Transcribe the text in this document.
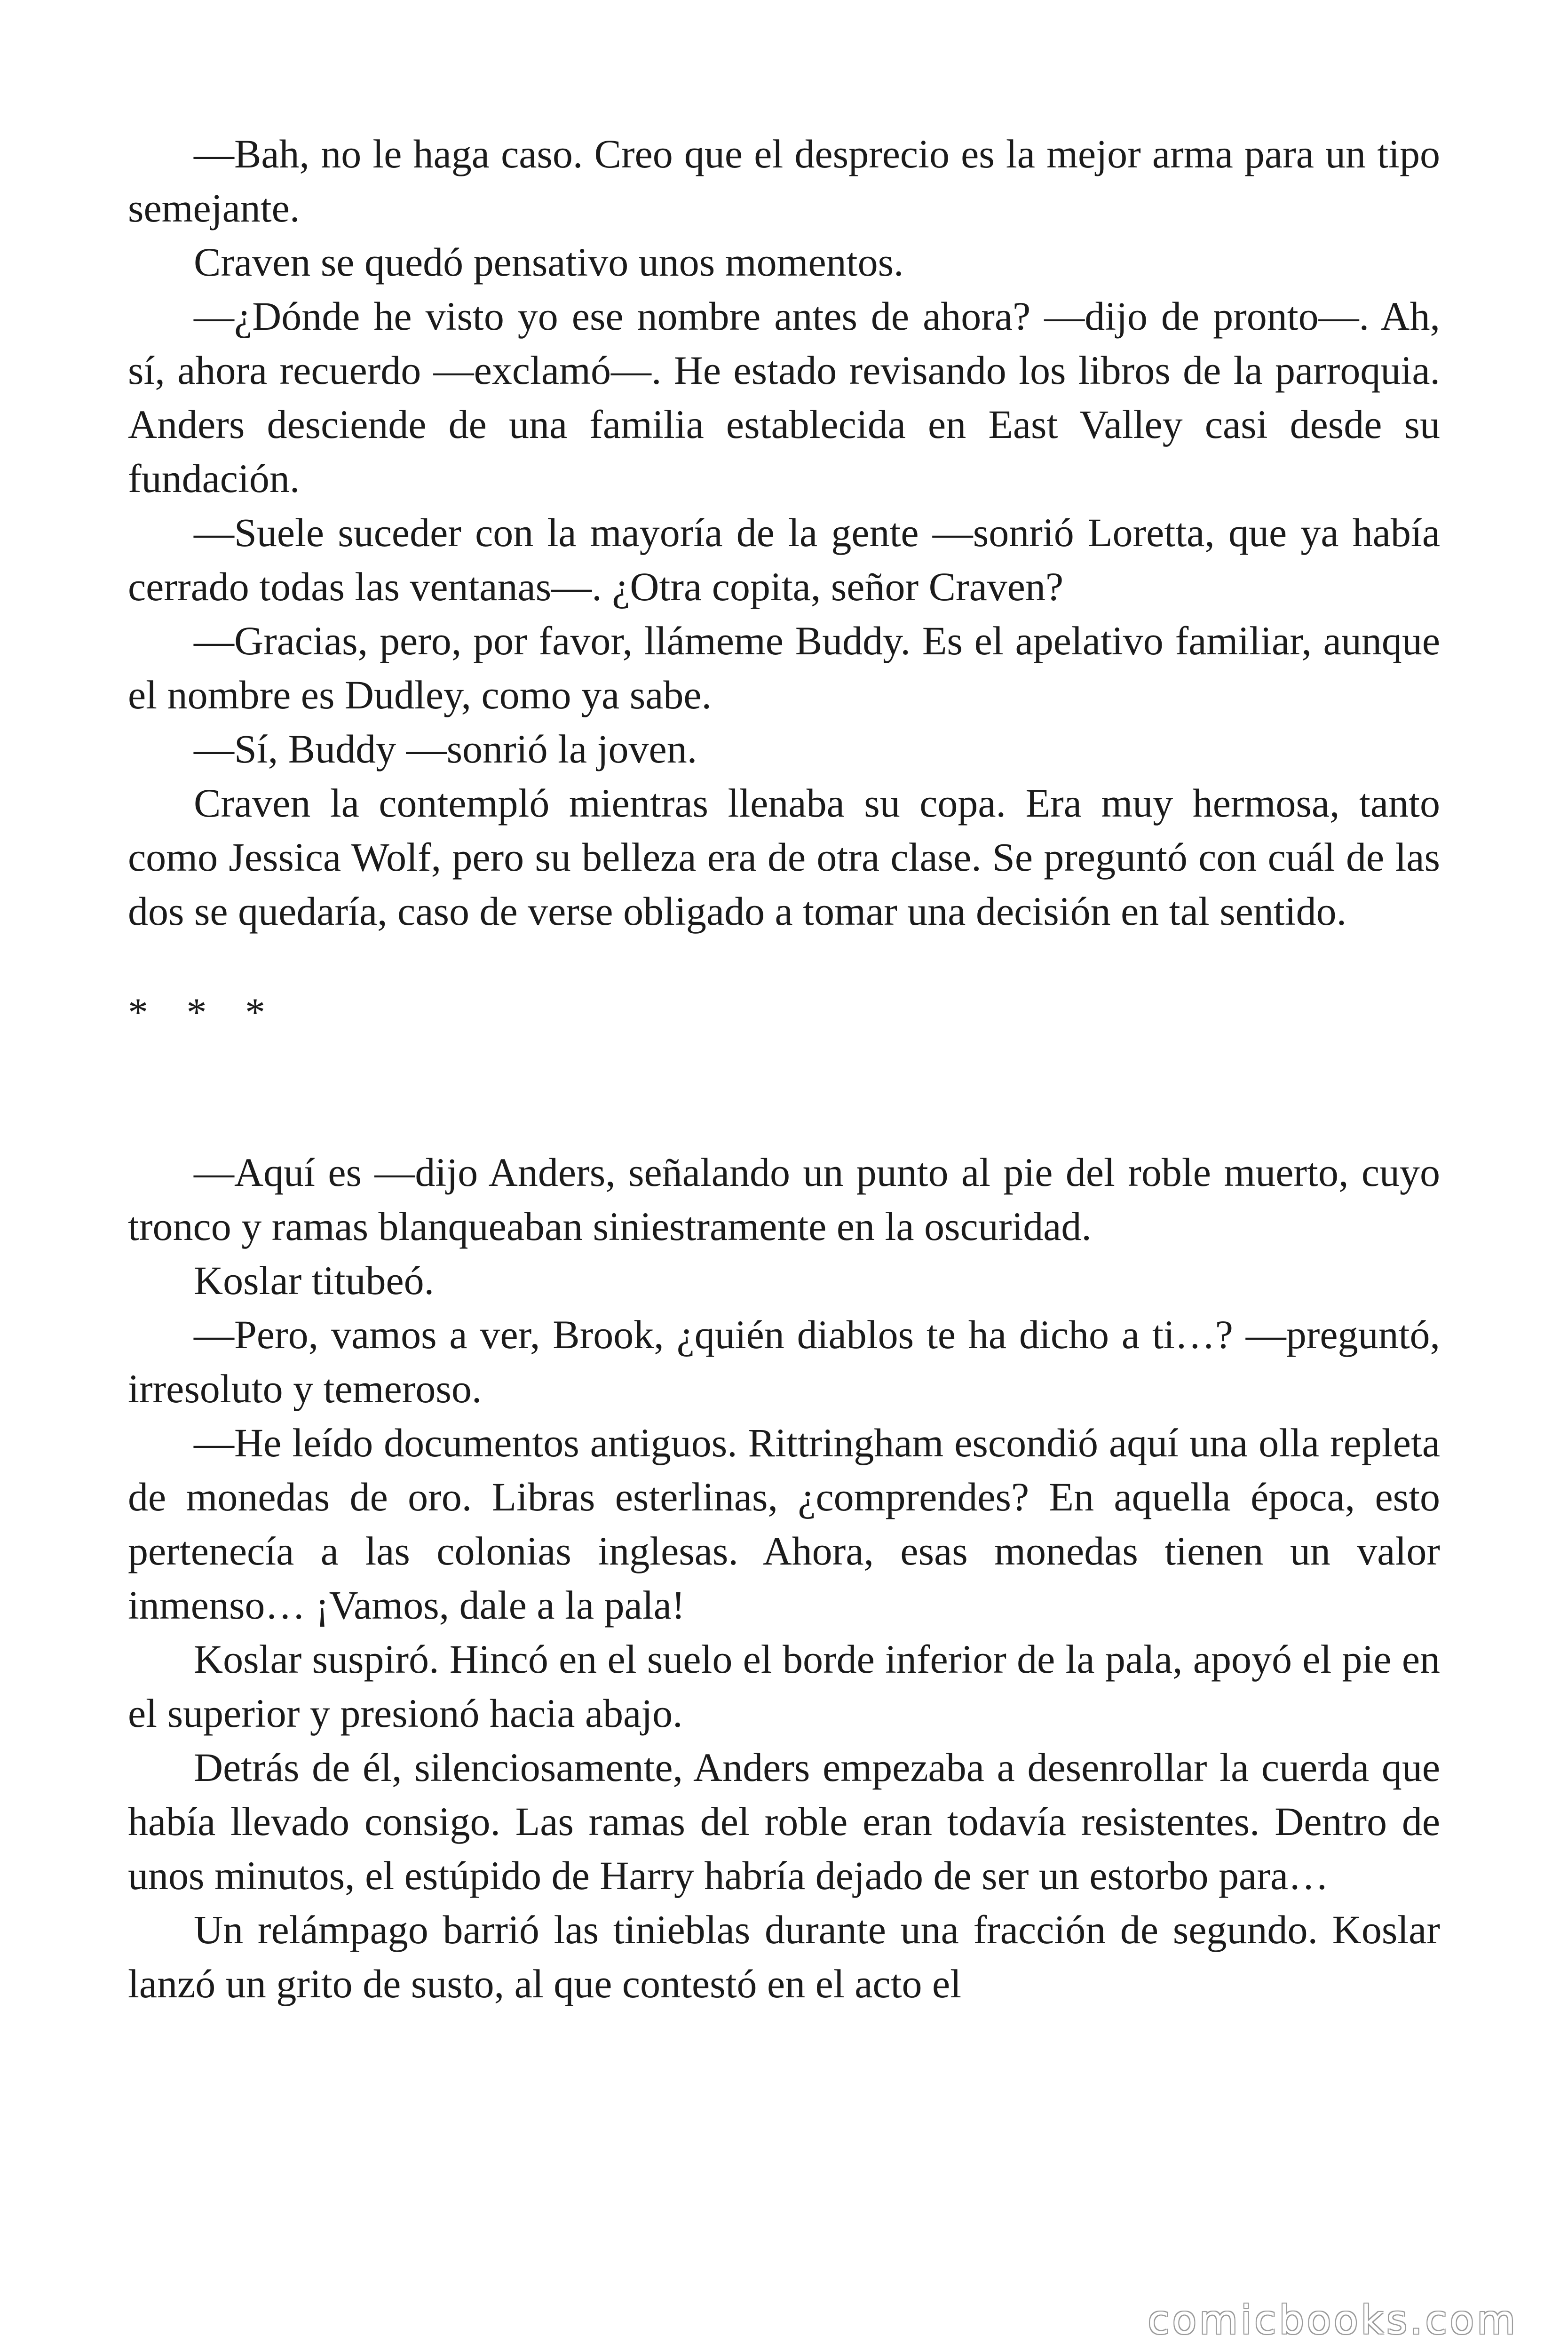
—Bah, no le haga caso. Creo que el desprecio es la mejor arma para un tipo semejante.

Craven se quedó pensativo unos momentos.

—¿Dónde he visto yo ese nombre antes de ahora? —dijo de pronto—. Ah, sí, ahora recuerdo —exclamó—. He estado revisando los libros de la parroquia. Anders desciende de una familia establecida en East Valley casi desde su fundación.

—Suele suceder con la mayoría de la gente —sonrió Loretta, que ya había cerrado todas las ventanas—. ¿Otra copita, señor Craven?

—Gracias, pero, por favor, llámeme Buddy. Es el apelativo familiar, aunque el nombre es Dudley, como ya sabe.

—Sí, Buddy —sonrió la joven.

Craven la contempló mientras llenaba su copa. Era muy hermosa, tanto como Jessica Wolf, pero su belleza era de otra clase. Se preguntó con cuál de las dos se quedaría, caso de verse obligado a tomar una decisión en tal sentido.

* * *

—Aquí es —dijo Anders, señalando un punto al pie del roble muerto, cuyo tronco y ramas blanqueaban siniestramente en la oscuridad.

Koslar titubeó.

—Pero, vamos a ver, Brook, ¿quién diablos te ha dicho a ti…? —preguntó, irresoluto y temeroso.

—He leído documentos antiguos. Rittringham escondió aquí una olla repleta de monedas de oro. Libras esterlinas, ¿comprendes? En aquella época, esto pertenecía a las colonias inglesas. Ahora, esas monedas tienen un valor inmenso… ¡Vamos, dale a la pala!

Koslar suspiró. Hincó en el suelo el borde inferior de la pala, apoyó el pie en el superior y presionó hacia abajo.

Detrás de él, silenciosamente, Anders empezaba a desenrollar la cuerda que había llevado consigo. Las ramas del roble eran todavía resistentes. Dentro de unos minutos, el estúpido de Harry habría dejado de ser un estorbo para…

Un relámpago barrió las tinieblas durante una fracción de segundo. Koslar lanzó un grito de susto, al que contestó en el acto el

comicbooks.com
